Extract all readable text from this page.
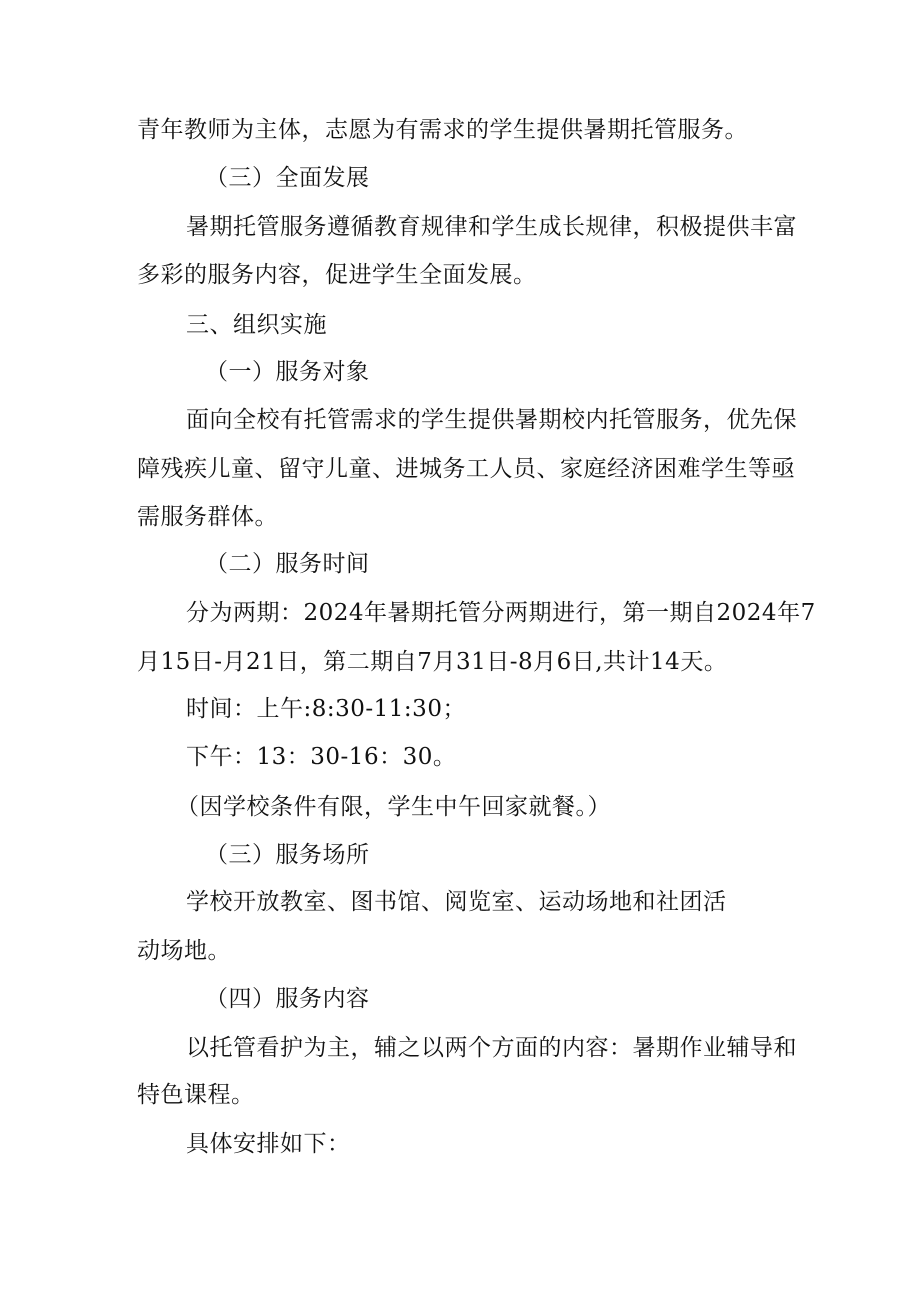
青年教师为主体，志愿为有需求的学生提供暑期托管服务。
（三）全面发展
暑期托管服务遵循教育规律和学生成长规律，积极提供丰富
多彩的服务内容，促进学生全面发展。
三、组织实施
（一）服务对象
面向全校有托管需求的学生提供暑期校内托管服务，优先保
障残疾儿童、留守儿童、进城务工人员、家庭经济困难学生等亟
需服务群体。
（二）服务时间
分为两期：2024年暑期托管分两期进行，第一期自2024年7
月15日-月21日，第二期自7月31日-8月6日,共计14天。
时间：上午:8:30-11:30；
下午：13：30-16：30。
（因学校条件有限，学生中午回家就餐。）
（三）服务场所
学校开放教室、图书馆、阅览室、运动场地和社团活
动场地。
（四）服务内容
以托管看护为主，辅之以两个方面的内容：暑期作业辅导和
特色课程。
具体安排如下：
